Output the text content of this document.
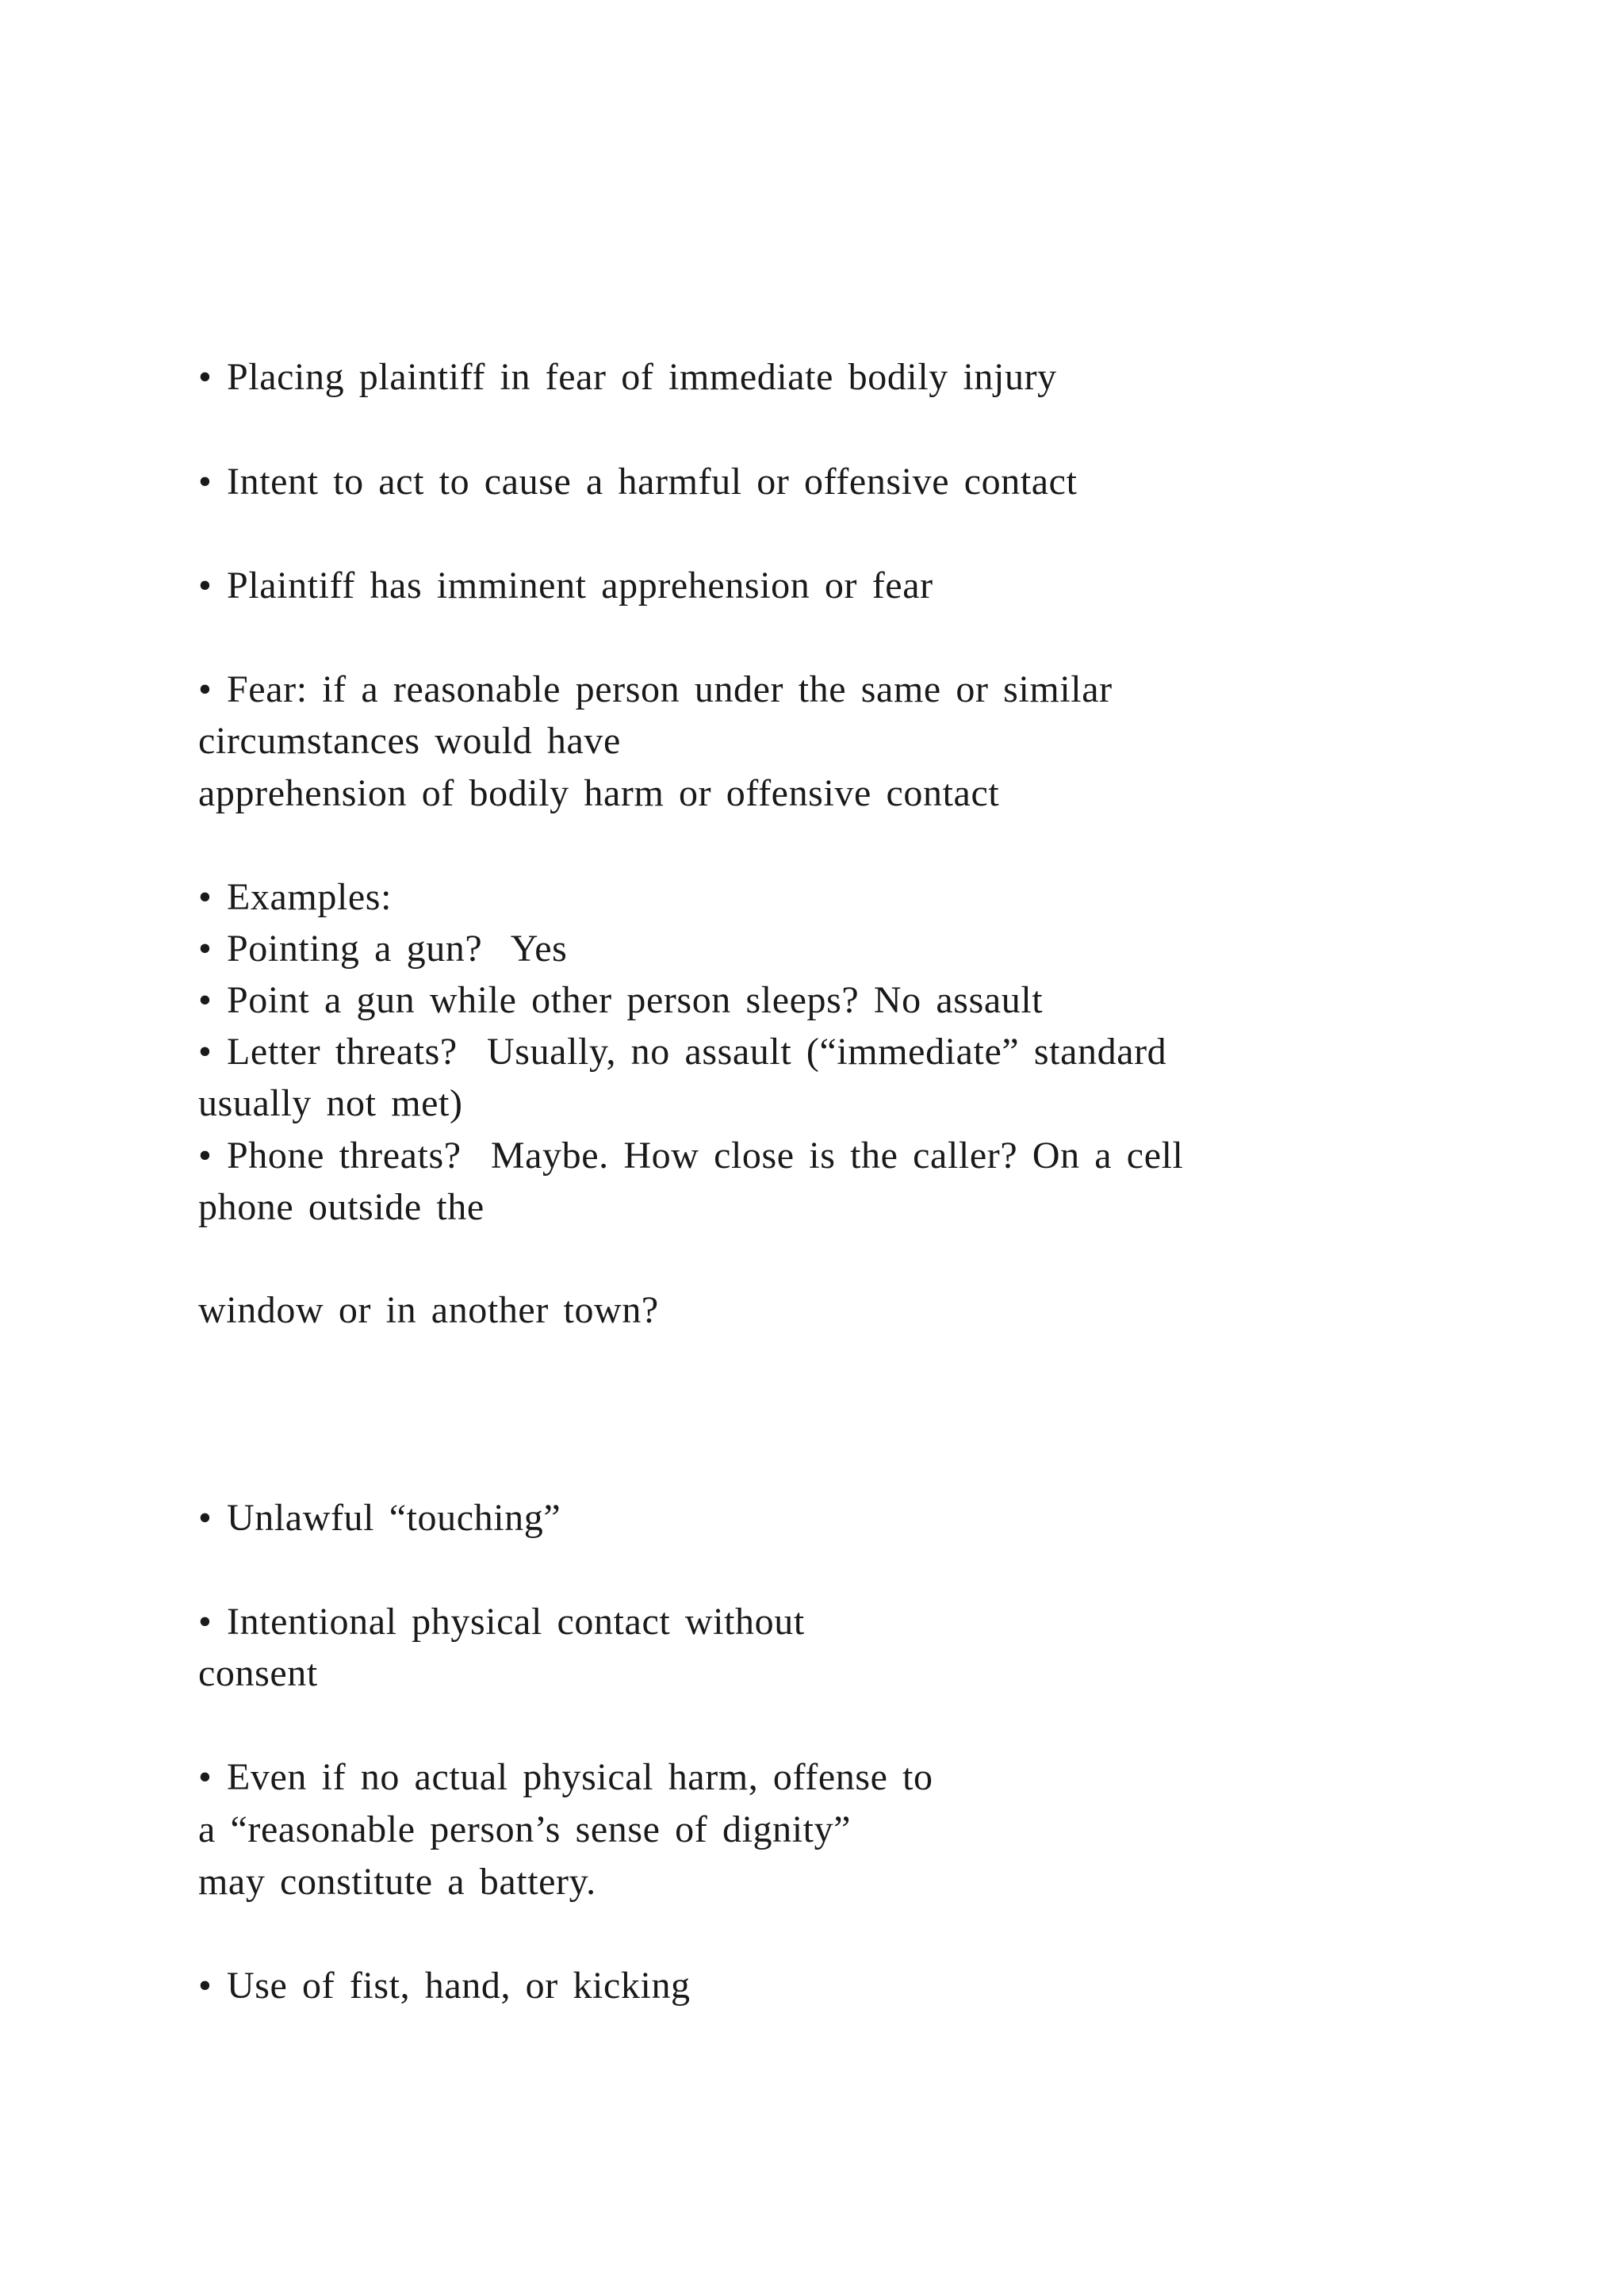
• Placing plaintiff in fear of immediate bodily injury
• Intent to act to cause a harmful or offensive contact
• Plaintiff has imminent apprehension or fear
• Fear: if a reasonable person under the same or similar
circumstances would have
apprehension of bodily harm or offensive contact
• Examples:
• Pointing a gun?  Yes
• Point a gun while other person sleeps? No assault
• Letter threats?  Usually, no assault (“immediate” standard
usually not met)
• Phone threats?  Maybe. How close is the caller? On a cell
phone outside the
window or in another town?
• Unlawful “touching”
• Intentional physical contact without
consent
• Even if no actual physical harm, offense to
a “reasonable person’s sense of dignity”
may constitute a battery.
• Use of fist, hand, or kicking
